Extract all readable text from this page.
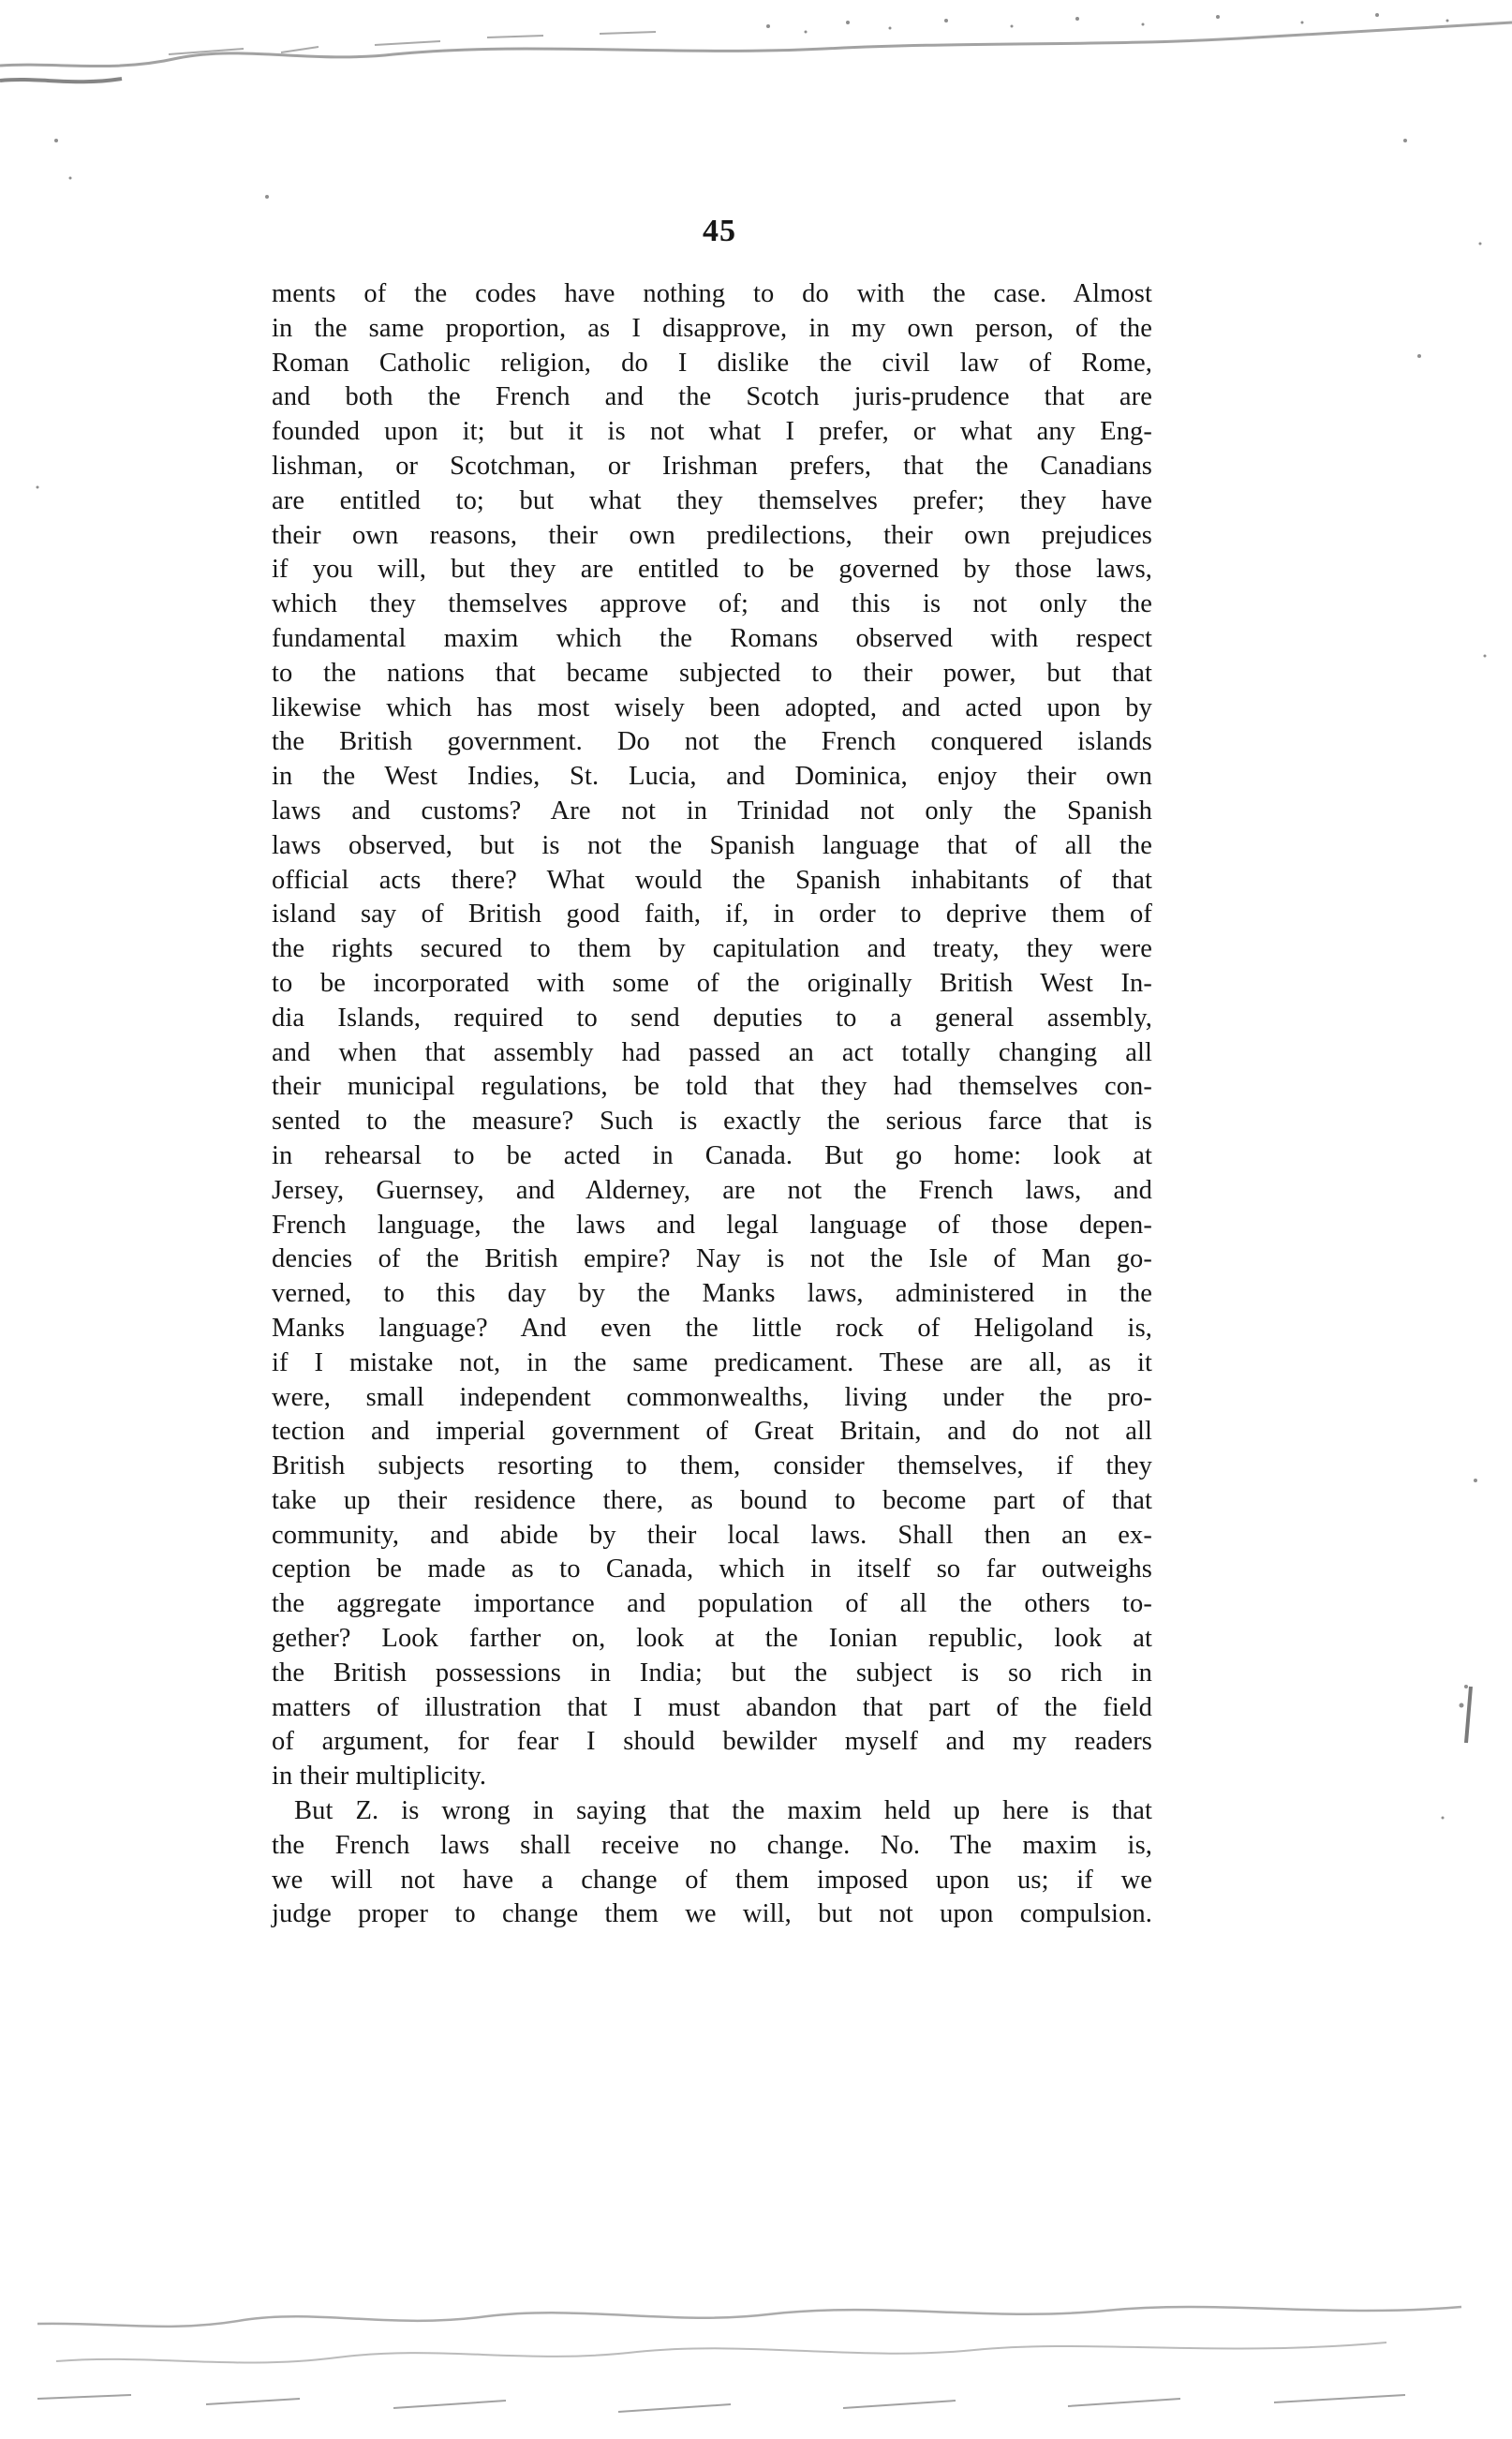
45
ments of the codes have nothing to do with the case. Almost
in the same proportion, as I disapprove, in my own person, of the
Roman Catholic religion, do I dislike the civil law of Rome,
and both the French and the Scotch juris-prudence that are
founded upon it; but it is not what I prefer, or what any Eng-
lishman, or Scotchman, or Irishman prefers, that the Canadians
are entitled to; but what they themselves prefer; they have
their own reasons, their own predilections, their own prejudices
if you will, but they are entitled to be governed by those laws,
which they themselves approve of; and this is not only the
fundamental maxim which the Romans observed with respect
to the nations that became subjected to their power, but that
likewise which has most wisely been adopted, and acted upon by
the British government. Do not the French conquered islands
in the West Indies, St. Lucia, and Dominica, enjoy their own
laws and customs? Are not in Trinidad not only the Spanish
laws observed, but is not the Spanish language that of all the
official acts there? What would the Spanish inhabitants of that
island say of British good faith, if, in order to deprive them of
the rights secured to them by capitulation and treaty, they were
to be incorporated with some of the originally British West In-
dia Islands, required to send deputies to a general assembly,
and when that assembly had passed an act totally changing all
their municipal regulations, be told that they had themselves con-
sented to the measure? Such is exactly the serious farce that is
in rehearsal to be acted in Canada. But go home: look at
Jersey, Guernsey, and Alderney, are not the French laws, and
French language, the laws and legal language of those depen-
dencies of the British empire? Nay is not the Isle of Man go-
verned, to this day by the Manks laws, administered in the
Manks language? And even the little rock of Heligoland is,
if I mistake not, in the same predicament. These are all, as it
were, small independent commonwealths, living under the pro-
tection and imperial government of Great Britain, and do not all
British subjects resorting to them, consider themselves, if they
take up their residence there, as bound to become part of that
community, and abide by their local laws. Shall then an ex-
ception be made as to Canada, which in itself so far outweighs
the aggregate importance and population of all the others to-
gether? Look farther on, look at the Ionian republic, look at
the British possessions in India; but the subject is so rich in
matters of illustration that I must abandon that part of the field
of argument, for fear I should bewilder myself and my readers
in their multiplicity.
But Z. is wrong in saying that the maxim held up here is that
the French laws shall receive no change. No. The maxim is,
we will not have a change of them imposed upon us; if we
judge proper to change them we will, but not upon compulsion.
